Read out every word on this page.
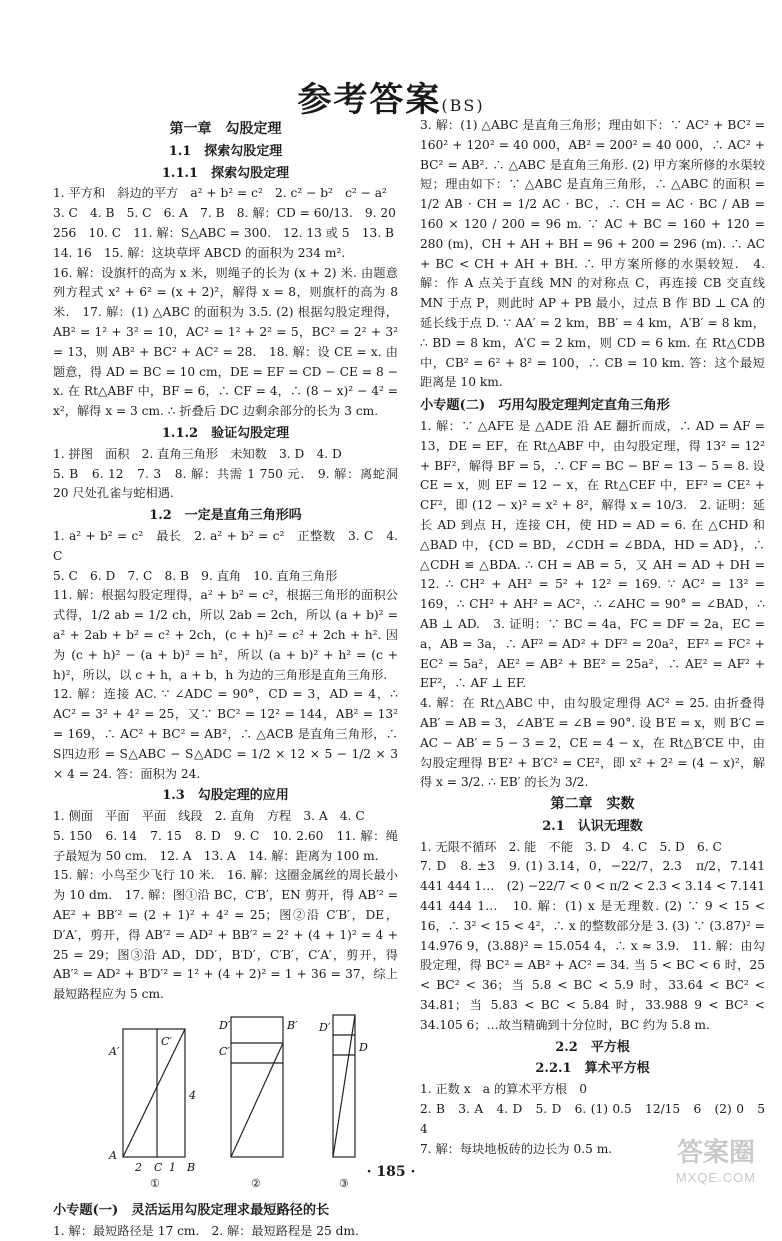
参考答案(BS)
第一章　勾股定理
1.1　探索勾股定理
1.1.1　探索勾股定理
1. 平方和　斜边的平方　a² + b² = c²　2. c² − b²　c² − a²
3. C　4. B　5. C　6. A　7. B　8. 解：CD = 60/13.　9. 20
256　10. C　11. 解：S△ABC = 300.　12. 13 或 5　13. B
14. 16　15. 解：这块草坪 ABCD 的面积为 234 m².
16. 解：设旗杆的高为 x 米，则绳子的长为 (x + 2) 米. 由题意列方程式 x² + 6² = (x + 2)²，解得 x = 8，则旗杆的高为 8 米.　17. 解：(1) △ABC 的面积为 3.5. (2) 根据勾股定理得，AB² = 1² + 3² = 10，AC² = 1² + 2² = 5，BC² = 2² + 3² = 13，则 AB² + BC² + AC² = 28.　18. 解：设 CE = x. 由题意，得 AD = BC = 10 cm，DE = EF = CD − CE = 8 − x. 在 Rt△ABF 中，BF = 6，∴ CF = 4，∴ (8 − x)² − 4² = x²，解得 x = 3 cm. ∴ 折叠后 DC 边剩余部分的长为 3 cm.
1.1.2　验证勾股定理
1. 拼图　面积　2. 直角三角形　未知数　3. D　4. D
5. B　6. 12　7. 3　8. 解：共需 1 750 元.　9. 解：离蛇洞 20 尺处孔雀与蛇相遇.
1.2　一定是直角三角形吗
1. a² + b² = c²　最长　2. a² + b² = c²　正整数　3. C　4. C
5. C　6. D　7. C　8. B　9. 直角　10. 直角三角形
11. 解：根据勾股定理得，a² + b² = c²，根据三角形的面积公式得，1/2 ab = 1/2 ch，所以 2ab = 2ch，所以 (a + b)² = a² + 2ab + b² = c² + 2ch，(c + h)² = c² + 2ch + h². 因为 (c + h)² − (a + b)² = h²，所以 (a + b)² + h² = (c + h)²，所以，以 c + h，a + b，h 为边的三角形是直角三角形.
12. 解：连接 AC. ∵ ∠ADC = 90°，CD = 3，AD = 4，∴ AC² = 3² + 4² = 25，又∵ BC² = 12² = 144，AB² = 13² = 169，∴ AC² + BC² = AB²，∴ △ACB 是直角三角形，∴ S四边形 = S△ABC − S△ADC = 1/2 × 12 × 5 − 1/2 × 3 × 4 = 24. 答：面积为 24.
1.3　勾股定理的应用
1. 侧面　平面　平面　线段　2. 直角　方程　3. A　4. C
5. 150　6. 14　7. 15　8. D　9. C　10. 2.60　11. 解：绳子最短为 50 cm.　12. A　13. A　14. 解：距离为 100 m.
15. 解：小鸟至少飞行 10 米.　16. 解：这圈金属丝的周长最小为 10 dm.　17. 解：图①沿 BC，C′B′，EN 剪开，得 AB′² = AE² + BB′² = (2 + 1)² + 4² = 25；图②沿 C′B′，DE，D′A′，剪开，得 AB′² = AD² + BB′² = 2² + (4 + 1)² = 4 + 25 = 29；图③沿 AD，DD′，B′D′，C′B′，C′A′，剪开，得 AB′² = AD² + B′D′² = 1² + (4 + 2)² = 1 + 36 = 37，综上最短路程应为 5 cm.
A′
C′
4
A
2 C 1 B
B′
D′
C′
D′
D
①	②	③
小专题(一)　灵活运用勾股定理求最短路径的长
1. 解：最短路径是 17 cm.　2. 解：最短路程是 25 dm.
3. 解：(1) △ABC 是直角三角形；理由如下：∵ AC² + BC² = 160² + 120² = 40 000，AB² = 200² = 40 000，∴ AC² + BC² = AB². ∴ △ABC 是直角三角形. (2) 甲方案所修的水渠较短；理由如下：∵ △ABC 是直角三角形，∴ △ABC 的面积 = 1/2 AB · CH = 1/2 AC · BC，∴ CH = AC · BC / AB = 160 × 120 / 200 = 96 m. ∵ AC + BC = 160 + 120 = 280 (m)，CH + AH + BH = 96 + 200 = 296 (m). ∴ AC + BC < CH + AH + BH. ∴ 甲方案所修的水渠较短.　4. 解：作 A 点关于直线 MN 的对称点 C，再连接 CB 交直线 MN 于点 P，则此时 AP + PB 最小，过点 B 作 BD ⊥ CA 的延长线于点 D. ∵ AA′ = 2 km，BB′ = 4 km，A′B′ = 8 km，∴ BD = 8 km，A′C = 2 km，则 CD = 6 km. 在 Rt△CDB 中，CB² = 6² + 8² = 100，∴ CB = 10 km. 答：这个最短距离是 10 km.
小专题(二)　巧用勾股定理判定直角三角形
1. 解：∵ △AFE 是 △ADE 沿 AE 翻折而成，∴ AD = AF = 13，DE = EF，在 Rt△ABF 中，由勾股定理，得 13² = 12² + BF²，解得 BF = 5，∴ CF = BC − BF = 13 − 5 = 8. 设 CE = x，则 EF = 12 − x，在 Rt△CEF 中，EF² = CE² + CF²，即 (12 − x)² = x² + 8²，解得 x = 10/3.　2. 证明：延长 AD 到点 H，连接 CH，使 HD = AD = 6. 在 △CHD 和 △BAD 中，{CD = BD，∠CDH = ∠BDA，HD = AD}，∴ △CDH ≌ △BDA. ∴ CH = AB = 5，又 AH = AD + DH = 12. ∴ CH² + AH² = 5² + 12² = 169. ∵ AC² = 13² = 169，∴ CH² + AH² = AC²，∴ ∠AHC = 90° = ∠BAD，∴ AB ⊥ AD.　3. 证明：∵ BC = 4a，FC = DF = 2a，EC = a，AB = 3a，∴ AF² = AD² + DF² = 20a²，EF² = FC² + EC² = 5a²，AE² = AB² + BE² = 25a²，∴ AE² = AF² + EF²，∴ AF ⊥ EF.
4. 解：在 Rt△ABC 中，由勾股定理得 AC² = 25. 由折叠得 AB′ = AB = 3，∠AB′E = ∠B = 90°. 设 B′E = x，则 B′C = AC − AB′ = 5 − 3 = 2，CE = 4 − x，在 Rt△B′CE 中，由勾股定理得 B′E² + B′C² = CE²，即 x² + 2² = (4 − x)²，解得 x = 3/2. ∴ EB′ 的长为 3/2.
第二章　实数
2.1　认识无理数
1. 无限不循环　2. 能　不能　3. D　4. C　5. D　6. C
7. D　8. ±3　9. (1) 3.14，0，−22/7，2.3　π/2，7.141 441 444 1…　(2) −22/7 < 0 < π/2 < 2.3 < 3.14 < 7.141 441 444 1…　10. 解：(1) x 是无理数. (2) ∵ 9 < 15 < 16，∴ 3² < 15 < 4²，∴ x 的整数部分是 3. (3) ∵ (3.87)² = 14.976 9，(3.88)² = 15.054 4，∴ x ≈ 3.9.　11. 解：由勾股定理，得 BC² = AB² + AC² = 34. 当 5 < BC < 6 时，25 < BC² < 36；当 5.8 < BC < 5.9 时，33.64 < BC² < 34.81；当 5.83 < BC < 5.84 时，33.988 9 < BC² < 34.105 6；…故当精确到十分位时，BC 约为 5.8 m.
2.2　平方根
2.2.1　算术平方根
1. 正数 x　a 的算术平方根　0
2. B　3. A　4. D　5. D　6. (1) 0.5　12/15　6　(2) 0　5　4
7. 解：每块地板砖的边长为 0.5 m.
· 185 ·
答案圈
MXQE.COM
